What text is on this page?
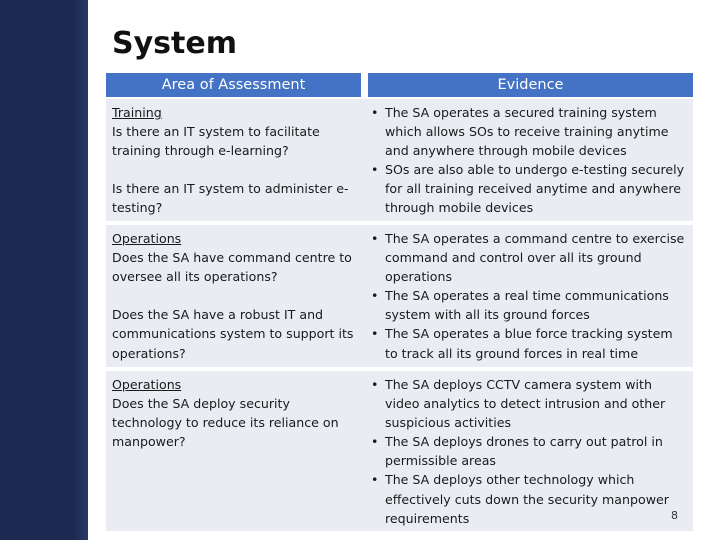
System
Area of Assessment	Evidence
Training
Is there an IT system to facilitate training through e-learning?
Is there an IT system to administer e-testing?
• The SA operates a secured training system which allows SOs to receive training anytime and anywhere through mobile devices
• SOs are also able to undergo e-testing securely for all training received anytime and anywhere through mobile devices
Operations
Does the SA have command centre to oversee all its operations?
Does the SA have a robust IT and communications system to support its operations?
• The SA operates a command centre to exercise command and control over all its ground operations
• The SA operates a real time communications system with all its ground forces
• The SA operates a blue force tracking system to track all its ground forces in real time
Operations
Does the SA deploy security technology to reduce its reliance on manpower?
• The SA deploys CCTV camera system with video analytics to detect intrusion and other suspicious activities
• The SA deploys drones to carry out patrol in permissible areas
• The SA deploys other technology which effectively cuts down the security manpower requirements	8
